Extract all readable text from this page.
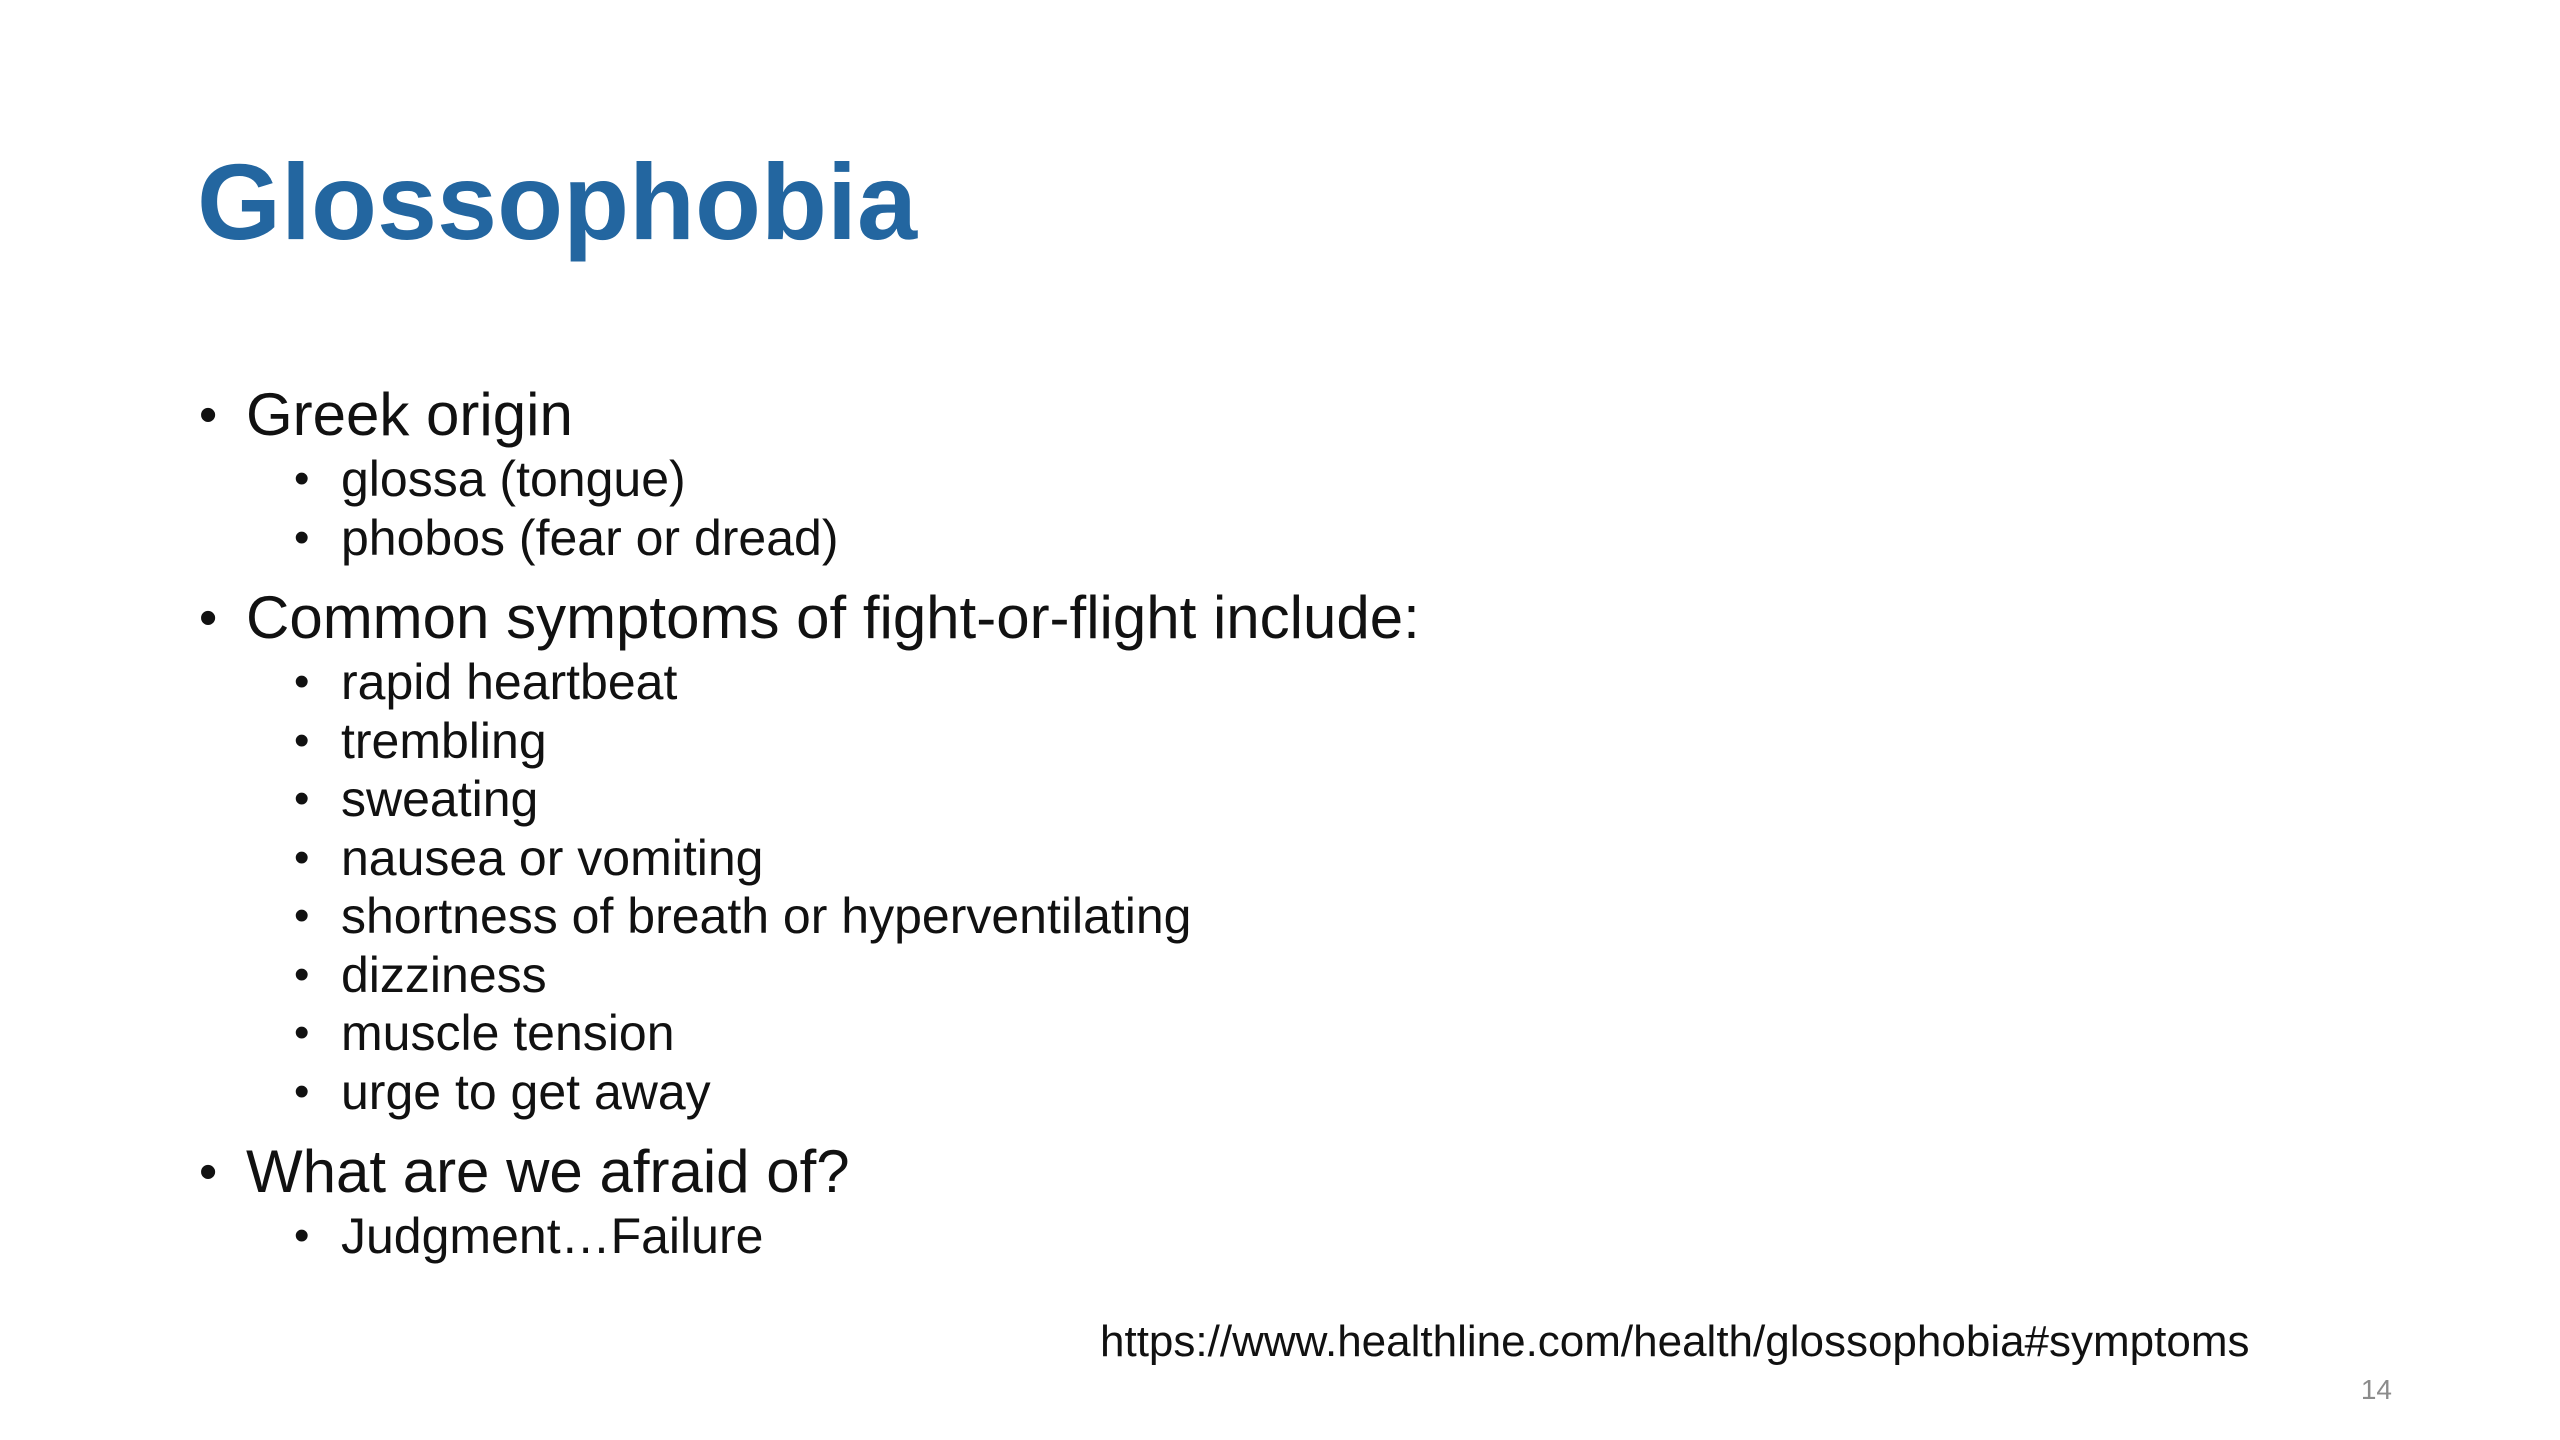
Glossophobia
• Greek origin
• glossa (tongue)
• phobos (fear or dread)
• Common symptoms of fight-or-flight include:
• rapid heartbeat
• trembling
• sweating
• nausea or vomiting
• shortness of breath or hyperventilating
• dizziness
• muscle tension
• urge to get away
• What are we afraid of?
• Judgment…Failure
https://www.healthline.com/health/glossophobia#symptoms
14
